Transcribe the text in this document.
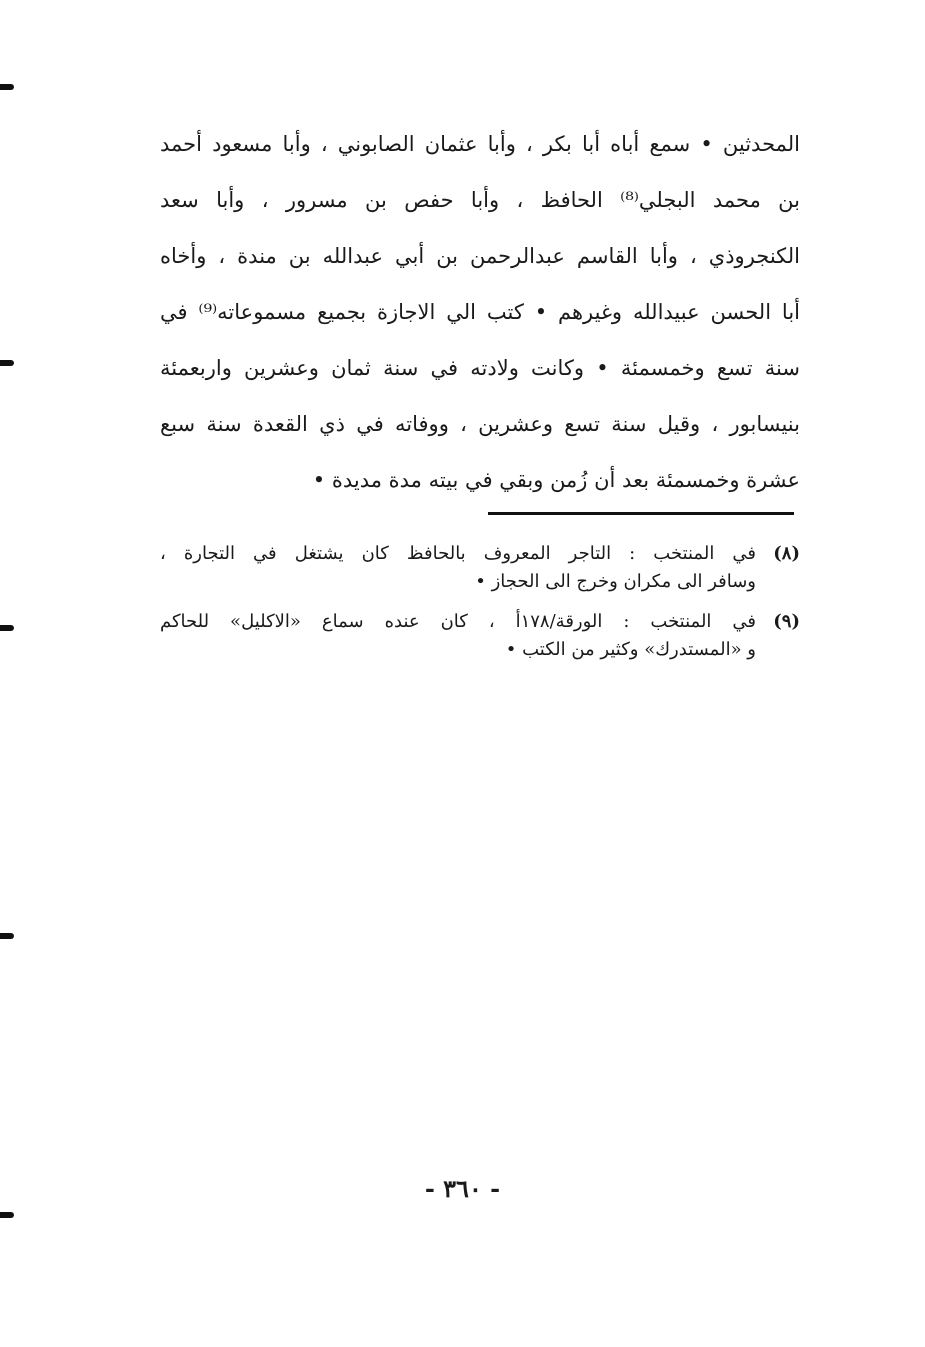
المحدثين • سمع أباه أبا بكر ، وأبا عثمان الصابوني ، وأبا مسعود أحمد
بن محمد البجلي⁽⁸⁾ الحافظ ، وأبا حفص بن مسرور ، وأبا سعد
الكنجروذي ، وأبا القاسم عبدالرحمن بن أبي عبدالله بن مندة ، وأخاه
أبا الحسن عبيدالله وغيرهم • كتب الي الاجازة بجميع مسموعاته⁽⁹⁾ في
سنة تسع وخمسمئة • وكانت ولادته في سنة ثمان وعشرين واربعمئة
بنيسابور ، وقيل سنة تسع وعشرين ، ووفاته في ذي القعدة سنة سبع
عشرة وخمسمئة بعد أن زُمن وبقي في بيته مدة مديدة •
(٨)
في المنتخب : التاجر المعروف بالحافظ كان يشتغل في التجارة ،
وسافر الى مكران وخرج الى الحجاز •
(٩)
في المنتخب : الورقة/١٧٨أ ، كان عنده سماع «الاكليل» للحاكم
و «المستدرك» وكثير من الكتب •
- ٣٦٠ -
